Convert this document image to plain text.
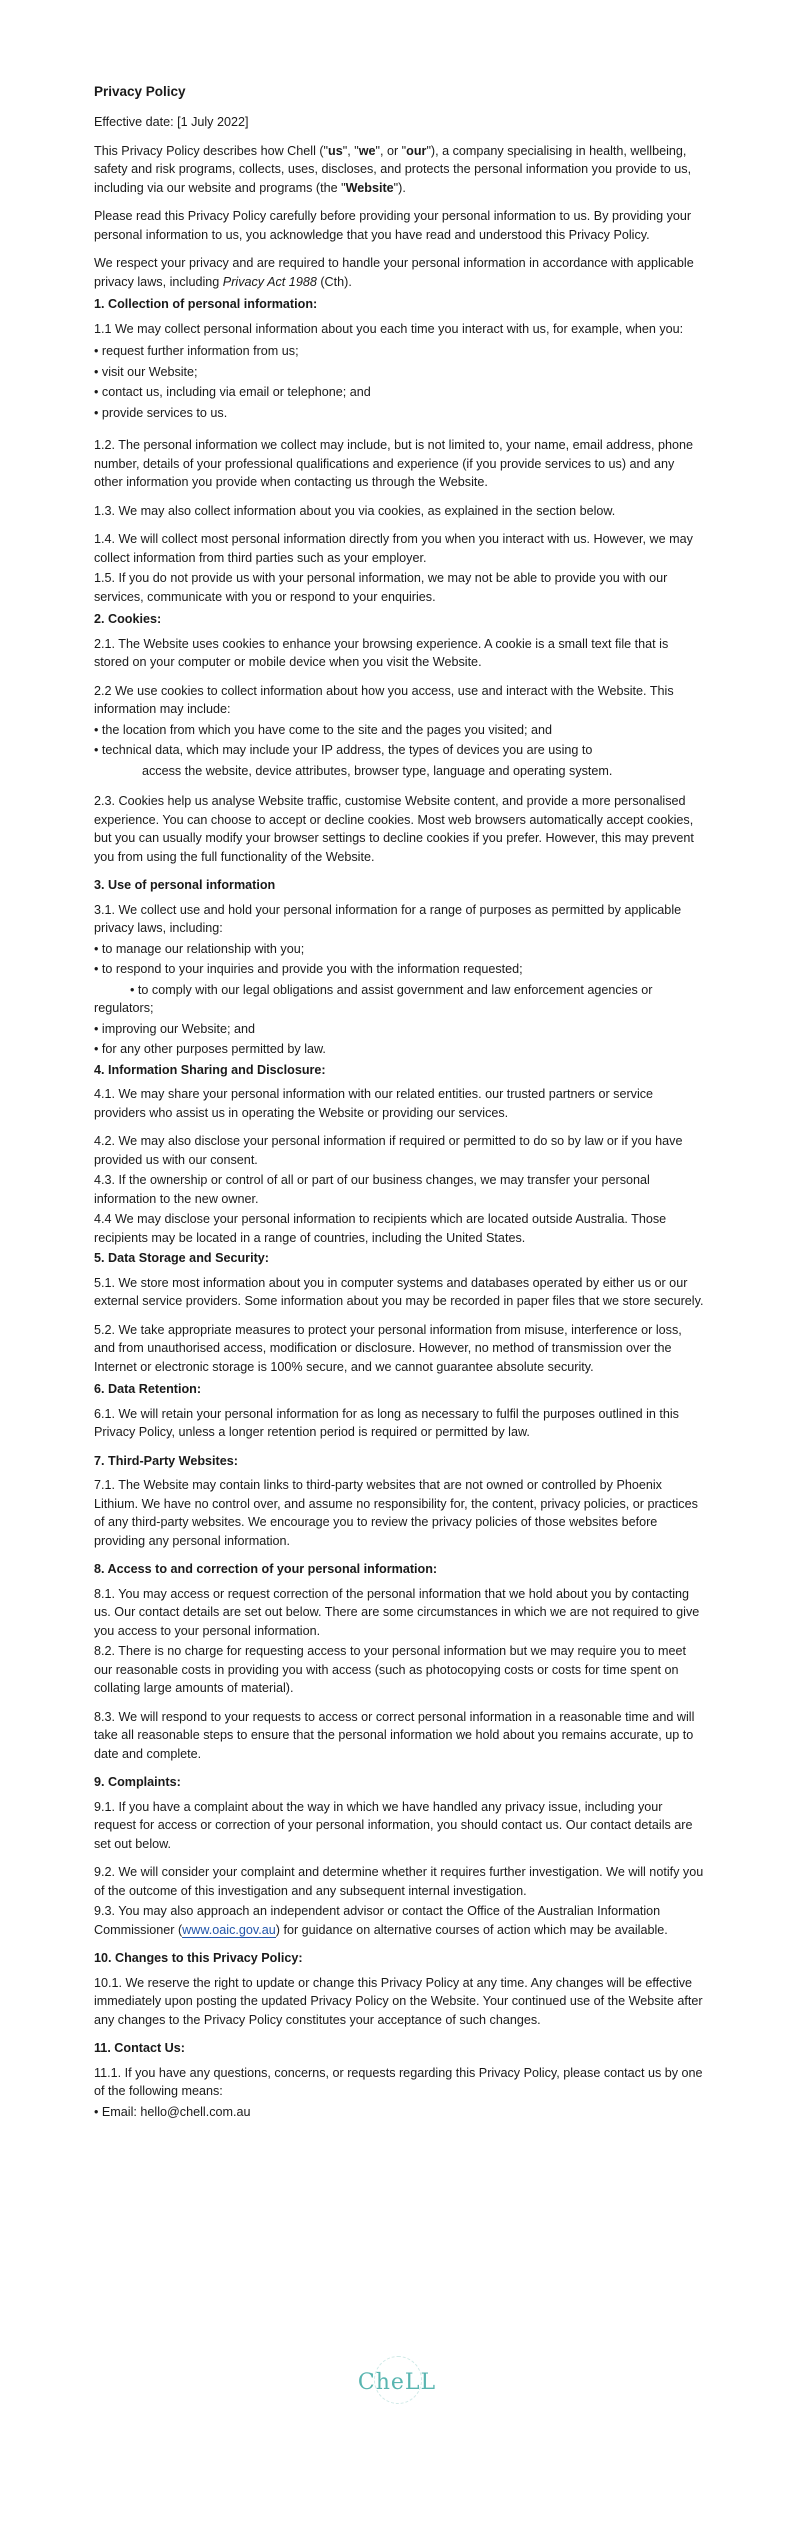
Privacy Policy
Effective date: [1 July 2022]
This Privacy Policy describes how Chell ("us", "we", or "our"), a company specialising in health, wellbeing, safety and risk programs, collects, uses, discloses, and protects the personal information you provide to us, including via our website and programs (the "Website").
Please read this Privacy Policy carefully before providing your personal information to us. By providing your personal information to us, you acknowledge that you have read and understood this Privacy Policy.
We respect your privacy and are required to handle your personal information in accordance with applicable privacy laws, including Privacy Act 1988 (Cth).
1. Collection of personal information:
1.1 We may collect personal information about you each time you interact with us, for example, when you:
• request further information from us;
• visit our Website;
• contact us, including via email or telephone; and
• provide services to us.
1.2. The personal information we collect may include, but is not limited to, your name, email address, phone number, details of your professional qualifications and experience (if you provide services to us) and any other information you provide when contacting us through the Website.
1.3. We may also collect information about you via cookies, as explained in the section below.
1.4. We will collect most personal information directly from you when you interact with us. However, we may collect information from third parties such as your employer.
1.5. If you do not provide us with your personal information, we may not be able to provide you with our services, communicate with you or respond to your enquiries.
2. Cookies:
2.1. The Website uses cookies to enhance your browsing experience. A cookie is a small text file that is stored on your computer or mobile device when you visit the Website.
2.2 We use cookies to collect information about how you access, use and interact with the Website. This information may include:
• the location from which you have come to the site and the pages you visited; and
• technical data, which may include your IP address, the types of devices you are using to
access the website, device attributes, browser type, language and operating system.
2.3. Cookies help us analyse Website traffic, customise Website content, and provide a more personalised experience. You can choose to accept or decline cookies. Most web browsers automatically accept cookies, but you can usually modify your browser settings to decline cookies if you prefer. However, this may prevent you from using the full functionality of the Website.
3. Use of personal information
3.1. We collect use and hold your personal information for a range of purposes as permitted by applicable privacy laws, including:
• to manage our relationship with you;
• to respond to your inquiries and provide you with the information requested;
• to comply with our legal obligations and assist government and law enforcement agencies or regulators;
• improving our Website; and
• for any other purposes permitted by law.
4. Information Sharing and Disclosure:
4.1. We may share your personal information with our related entities. our trusted partners or service providers who assist us in operating the Website or providing our services.
4.2. We may also disclose your personal information if required or permitted to do so by law or if you have provided us with our consent.
4.3. If the ownership or control of all or part of our business changes, we may transfer your personal information to the new owner.
4.4 We may disclose your personal information to recipients which are located outside Australia. Those recipients may be located in a range of countries, including the United States.
5. Data Storage and Security:
5.1. We store most information about you in computer systems and databases operated by either us or our external service providers. Some information about you may be recorded in paper files that we store securely.
5.2. We take appropriate measures to protect your personal information from misuse, interference or loss, and from unauthorised access, modification or disclosure. However, no method of transmission over the Internet or electronic storage is 100% secure, and we cannot guarantee absolute security.
6. Data Retention:
6.1. We will retain your personal information for as long as necessary to fulfil the purposes outlined in this Privacy Policy, unless a longer retention period is required or permitted by law.
7. Third-Party Websites:
7.1. The Website may contain links to third-party websites that are not owned or controlled by Phoenix Lithium. We have no control over, and assume no responsibility for, the content, privacy policies, or practices of any third-party websites. We encourage you to review the privacy policies of those websites before providing any personal information.
8. Access to and correction of your personal information:
8.1. You may access or request correction of the personal information that we hold about you by contacting us. Our contact details are set out below. There are some circumstances in which we are not required to give you access to your personal information.
8.2. There is no charge for requesting access to your personal information but we may require you to meet our reasonable costs in providing you with access (such as photocopying costs or costs for time spent on collating large amounts of material).
8.3. We will respond to your requests to access or correct personal information in a reasonable time and will take all reasonable steps to ensure that the personal information we hold about you remains accurate, up to date and complete.
9. Complaints:
9.1. If you have a complaint about the way in which we have handled any privacy issue, including your request for access or correction of your personal information, you should contact us. Our contact details are set out below.
9.2. We will consider your complaint and determine whether it requires further investigation. We will notify you of the outcome of this investigation and any subsequent internal investigation.
9.3. You may also approach an independent advisor or contact the Office of the Australian Information Commissioner (www.oaic.gov.au) for guidance on alternative courses of action which may be available.
10. Changes to this Privacy Policy:
10.1. We reserve the right to update or change this Privacy Policy at any time. Any changes will be effective immediately upon posting the updated Privacy Policy on the Website. Your continued use of the Website after any changes to the Privacy Policy constitutes your acceptance of such changes.
11. Contact Us:
11.1. If you have any questions, concerns, or requests regarding this Privacy Policy, please contact us by one of the following means:
• Email: hello@chell.com.au
CheLL
